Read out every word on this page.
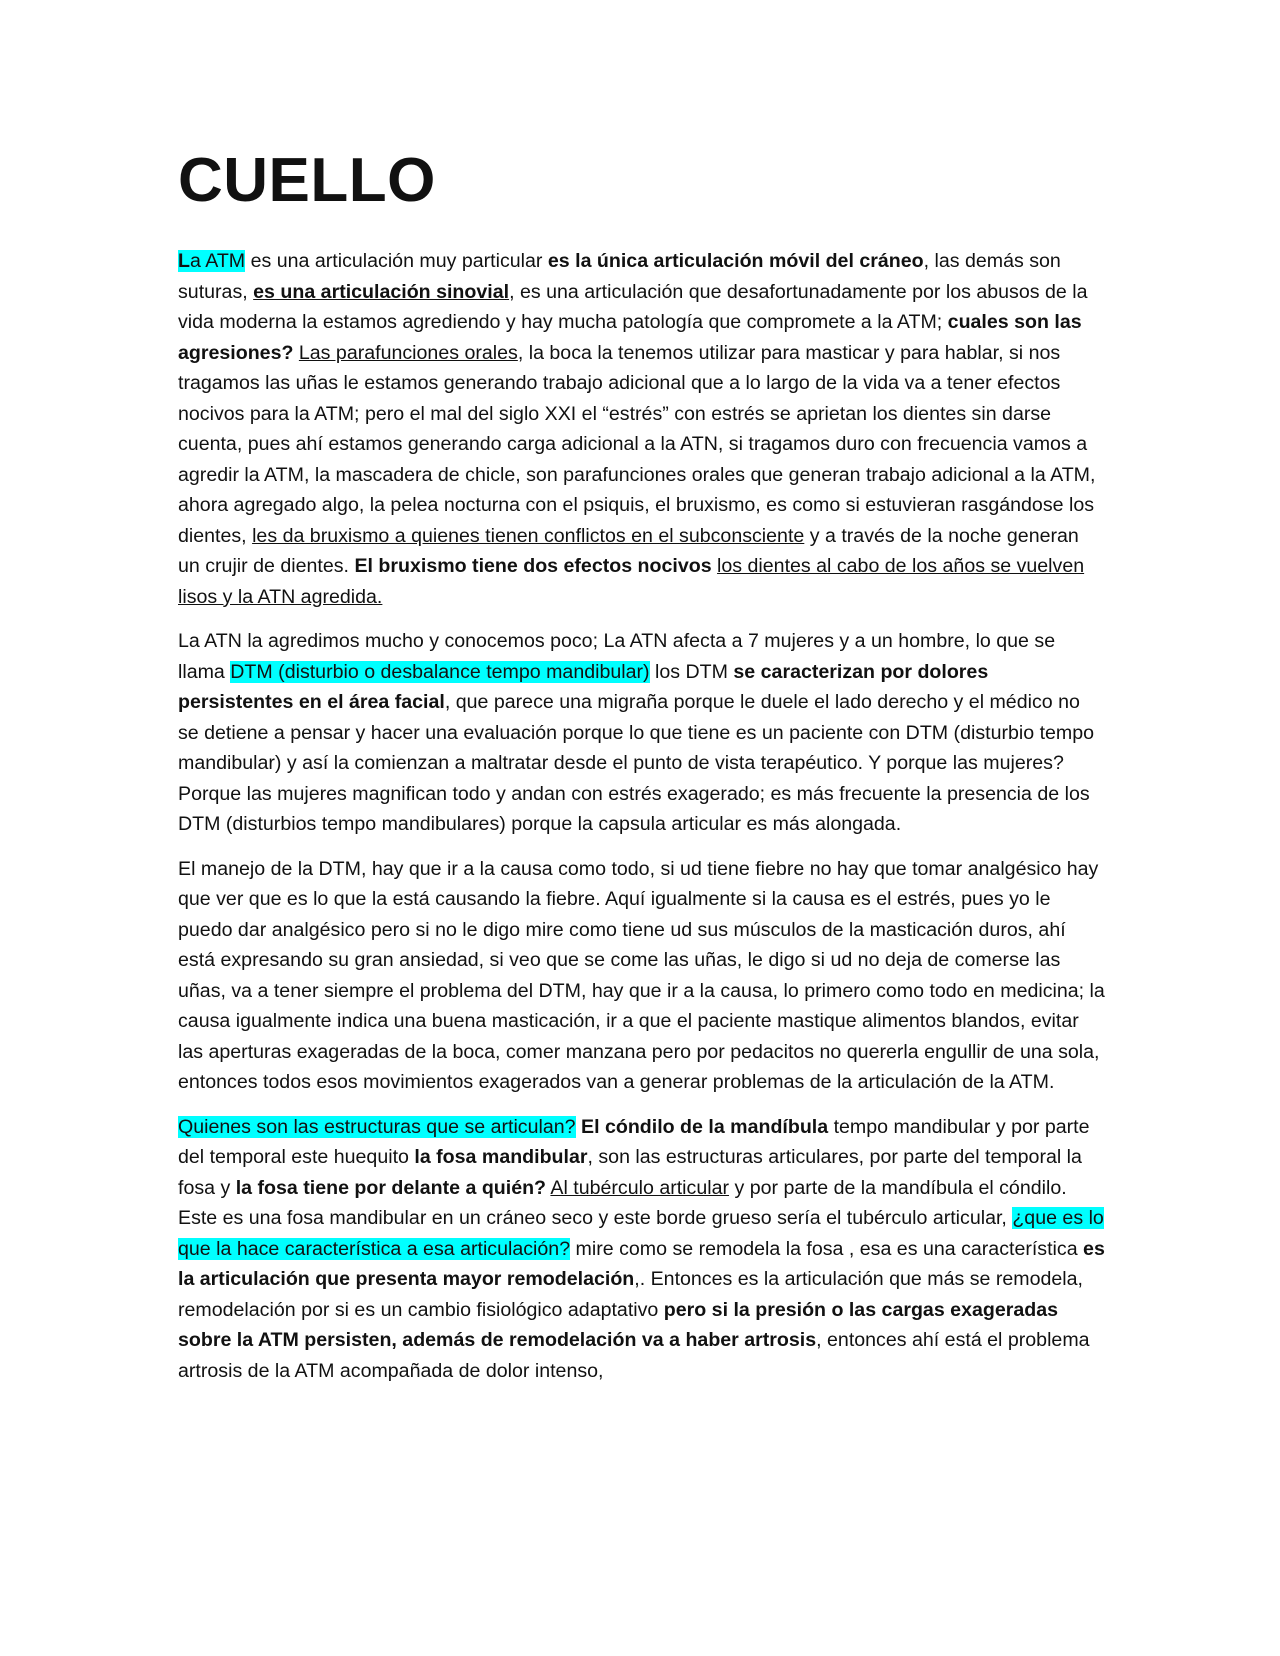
CUELLO

La ATM es una articulación muy particular es la única articulación móvil del cráneo, las demás son suturas, es una articulación sinovial, es una articulación que desafortunadamente por los abusos de la vida moderna la estamos agrediendo y hay mucha patología que compromete a la ATM; cuales son las agresiones? Las parafunciones orales, la boca la tenemos utilizar para masticar y para hablar, si nos tragamos las uñas le estamos generando trabajo adicional que a lo largo de la vida va a tener efectos nocivos para la ATM; pero el mal del siglo XXI el “estrés” con estrés se aprietan los dientes sin darse cuenta, pues ahí estamos generando carga adicional a la ATN, si tragamos duro con frecuencia vamos a agredir la ATM, la mascadera de chicle, son parafunciones orales que generan trabajo adicional a la ATM, ahora agregado algo, la pelea nocturna con el psiquis, el bruxismo, es como si estuvieran rasgándose los dientes, les da bruxismo a quienes tienen conflictos en el subconsciente y a través de la noche generan un crujir de dientes. El bruxismo tiene dos efectos nocivos los dientes al cabo de los años se vuelven lisos y la ATN agredida.

La ATN la agredimos mucho y conocemos poco; La ATN afecta a 7 mujeres y a un hombre, lo que se llama DTM (disturbio o desbalance tempo mandibular) los DTM se caracterizan por dolores persistentes en el área facial, que parece una migraña porque le duele el lado derecho y el médico no se detiene a pensar y hacer una evaluación porque lo que tiene es un paciente con DTM (disturbio tempo mandibular) y así la comienzan a maltratar desde el punto de vista terapéutico. Y porque las mujeres? Porque las mujeres magnifican todo y andan con estrés exagerado; es más frecuente la presencia de los DTM (disturbios tempo mandibulares) porque la capsula articular es más alongada.

El manejo de la DTM, hay que ir a la causa como todo, si ud tiene fiebre no hay que tomar analgésico hay que ver que es lo que la está causando la fiebre. Aquí igualmente si la causa es el estrés, pues yo le puedo dar analgésico pero si no le digo mire como tiene ud sus músculos de la masticación duros, ahí está expresando su gran ansiedad, si veo que se come las uñas, le digo si ud no deja de comerse las uñas, va a tener siempre el problema del DTM, hay que ir a la causa, lo primero como todo en medicina; la causa igualmente indica una buena masticación, ir a que el paciente mastique alimentos blandos, evitar las aperturas exageradas de la boca, comer manzana pero por pedacitos no quererla engullir de una sola, entonces todos esos movimientos exagerados van a generar problemas de la articulación de la ATM.

Quienes son las estructuras que se articulan? El cóndilo de la mandíbula tempo mandibular y por parte del temporal este huequito la fosa mandibular, son las estructuras articulares, por parte del temporal la fosa y la fosa tiene por delante a quién? Al tubérculo articular y por parte de la mandíbula el cóndilo. Este es una fosa mandibular en un cráneo seco y este borde grueso sería el tubérculo articular, ¿que es lo que la hace característica a esa articulación? mire como se remodela la fosa , esa es una característica es la articulación que presenta mayor remodelación,. Entonces es la articulación que más se remodela, remodelación por si es un cambio fisiológico adaptativo pero si la presión o las cargas exageradas sobre la ATM persisten, además de remodelación va a haber artrosis, entonces ahí está el problema artrosis de la ATM acompañada de dolor intenso,
